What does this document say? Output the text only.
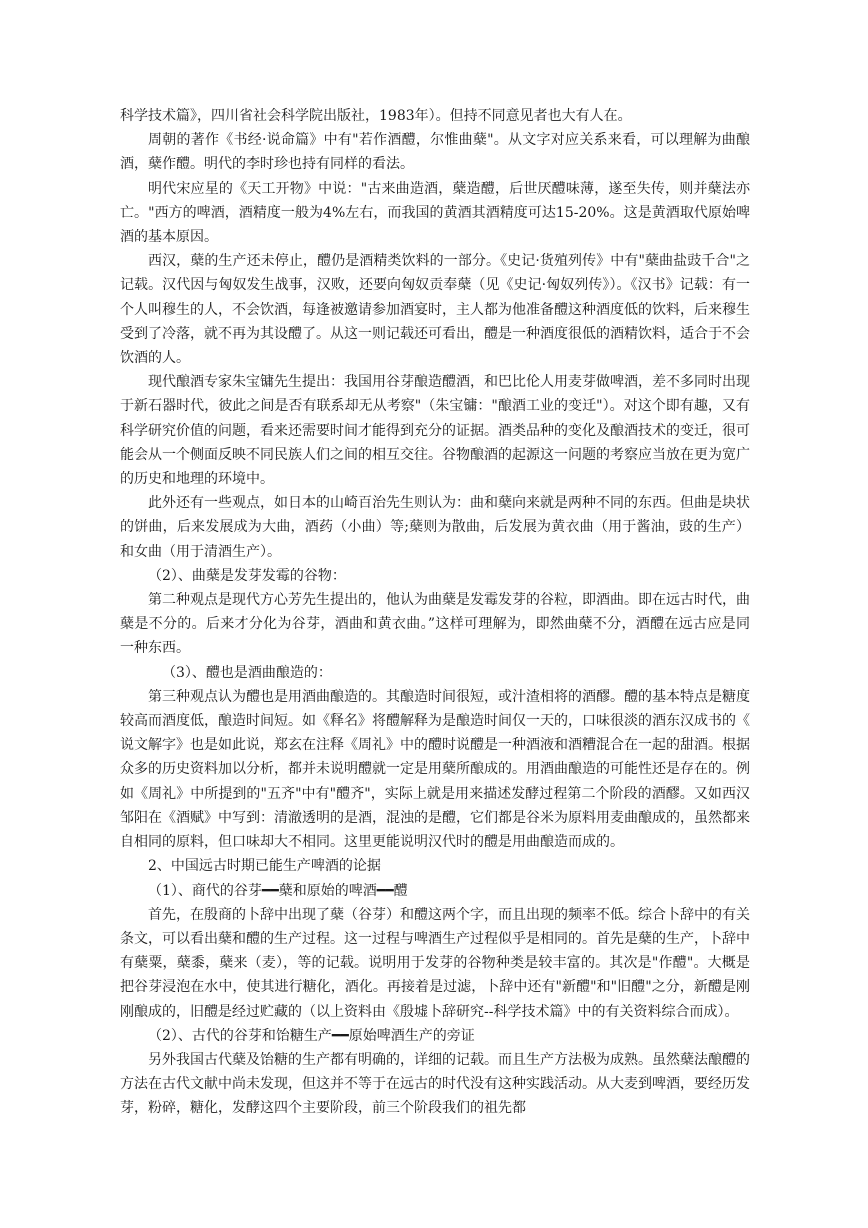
科学技术篇》，四川省社会科学院出版社，1983年）。但持不同意见者也大有人在。

周朝的著作《书经·说命篇》中有"若作酒醴，尔惟曲蘖"。从文字对应关系来看，可以理解为曲酿酒，蘖作醴。明代的李时珍也持有同样的看法。

明代宋应星的《天工开物》中说："古来曲造酒，蘖造醴，后世厌醴味薄，遂至失传，则并蘖法亦亡。"西方的啤酒，酒精度一般为4%左右，而我国的黄酒其酒精度可达15-20%。这是黄酒取代原始啤酒的基本原因。

西汉，蘖的生产还未停止，醴仍是酒精类饮料的一部分。《史记·货殖列传》中有"蘖曲盐豉千合"之记载。汉代因与匈奴发生战事，汉败，还要向匈奴贡奉蘖（见《史记·匈奴列传》）。《汉书》记载：有一个人叫穆生的人，不会饮酒，每逢被邀请参加酒宴时，主人都为他准备醴这种酒度低的饮料，后来穆生受到了冷落，就不再为其设醴了。从这一则记载还可看出，醴是一种酒度很低的酒精饮料，适合于不会饮酒的人。

现代酿酒专家朱宝镛先生提出：我国用谷芽酿造醴酒，和巴比伦人用麦芽做啤酒，差不多同时出现于新石器时代，彼此之间是否有联系却无从考察"（朱宝镛："酿酒工业的变迁"）。对这个即有趣，又有科学研究价值的问题，看来还需要时间才能得到充分的证据。酒类品种的变化及酿酒技术的变迁，很可能会从一个侧面反映不同民族人们之间的相互交往。谷物酿酒的起源这一问题的考察应当放在更为宽广的历史和地理的环境中。

此外还有一些观点，如日本的山崎百治先生则认为：曲和蘖向来就是两种不同的东西。但曲是块状的饼曲，后来发展成为大曲，酒药（小曲）等;蘖则为散曲，后发展为黄衣曲（用于酱油，豉的生产）和女曲（用于清酒生产）。

（2）、曲蘖是发芽发霉的谷物：

第二种观点是现代方心芳先生提出的，他认为曲蘖是发霉发芽的谷粒，即酒曲。即在远古时代，曲蘖是不分的。后来才分化为谷芽，酒曲和黄衣曲。”这样可理解为，即然曲蘖不分，酒醴在远古应是同一种东西。

（3）、醴也是酒曲酿造的：

第三种观点认为醴也是用酒曲酿造的。其酿造时间很短，或汁渣相将的酒醪。醴的基本特点是糖度较高而酒度低，酿造时间短。如《释名》将醴解释为是酿造时间仅一天的，口味很淡的酒东汉成书的《说文解字》也是如此说，郑玄在注释《周礼》中的醴时说醴是一种酒液和酒糟混合在一起的甜酒。根据众多的历史资料加以分析，都并未说明醴就一定是用蘖所酿成的。用酒曲酿造的可能性还是存在的。例如《周礼》中所提到的"五齐"中有"醴齐"，实际上就是用来描述发酵过程第二个阶段的酒醪。又如西汉邹阳在《酒赋》中写到：清澈透明的是酒，混浊的是醴，它们都是谷米为原料用麦曲酿成的，虽然都来自相同的原料，但口味却大不相同。这里更能说明汉代时的醴是用曲酿造而成的。

2、中国远古时期已能生产啤酒的论据

（1）、商代的谷芽━━蘖和原始的啤酒━━醴

首先，在殷商的卜辞中出现了蘖（谷芽）和醴这两个字，而且出现的频率不低。综合卜辞中的有关条文，可以看出蘖和醴的生产过程。这一过程与啤酒生产过程似乎是相同的。首先是蘖的生产，卜辞中有蘖粟，蘖黍，蘖来（麦），等的记载。说明用于发芽的谷物种类是较丰富的。其次是"作醴"。大概是把谷芽浸泡在水中，使其进行糖化，酒化。再接着是过滤，卜辞中还有"新醴"和"旧醴"之分，新醴是刚刚酿成的，旧醴是经过贮藏的（以上资料由《殷墟卜辞研究--科学技术篇》中的有关资料综合而成）。

（2）、古代的谷芽和饴糖生产━━原始啤酒生产的旁证

另外我国古代蘖及饴糖的生产都有明确的，详细的记载。而且生产方法极为成熟。虽然蘖法酿醴的方法在古代文献中尚未发现，但这并不等于在远古的时代没有这种实践活动。从大麦到啤酒，要经历发芽，粉碎，糖化，发酵这四个主要阶段，前三个阶段我们的祖先都
